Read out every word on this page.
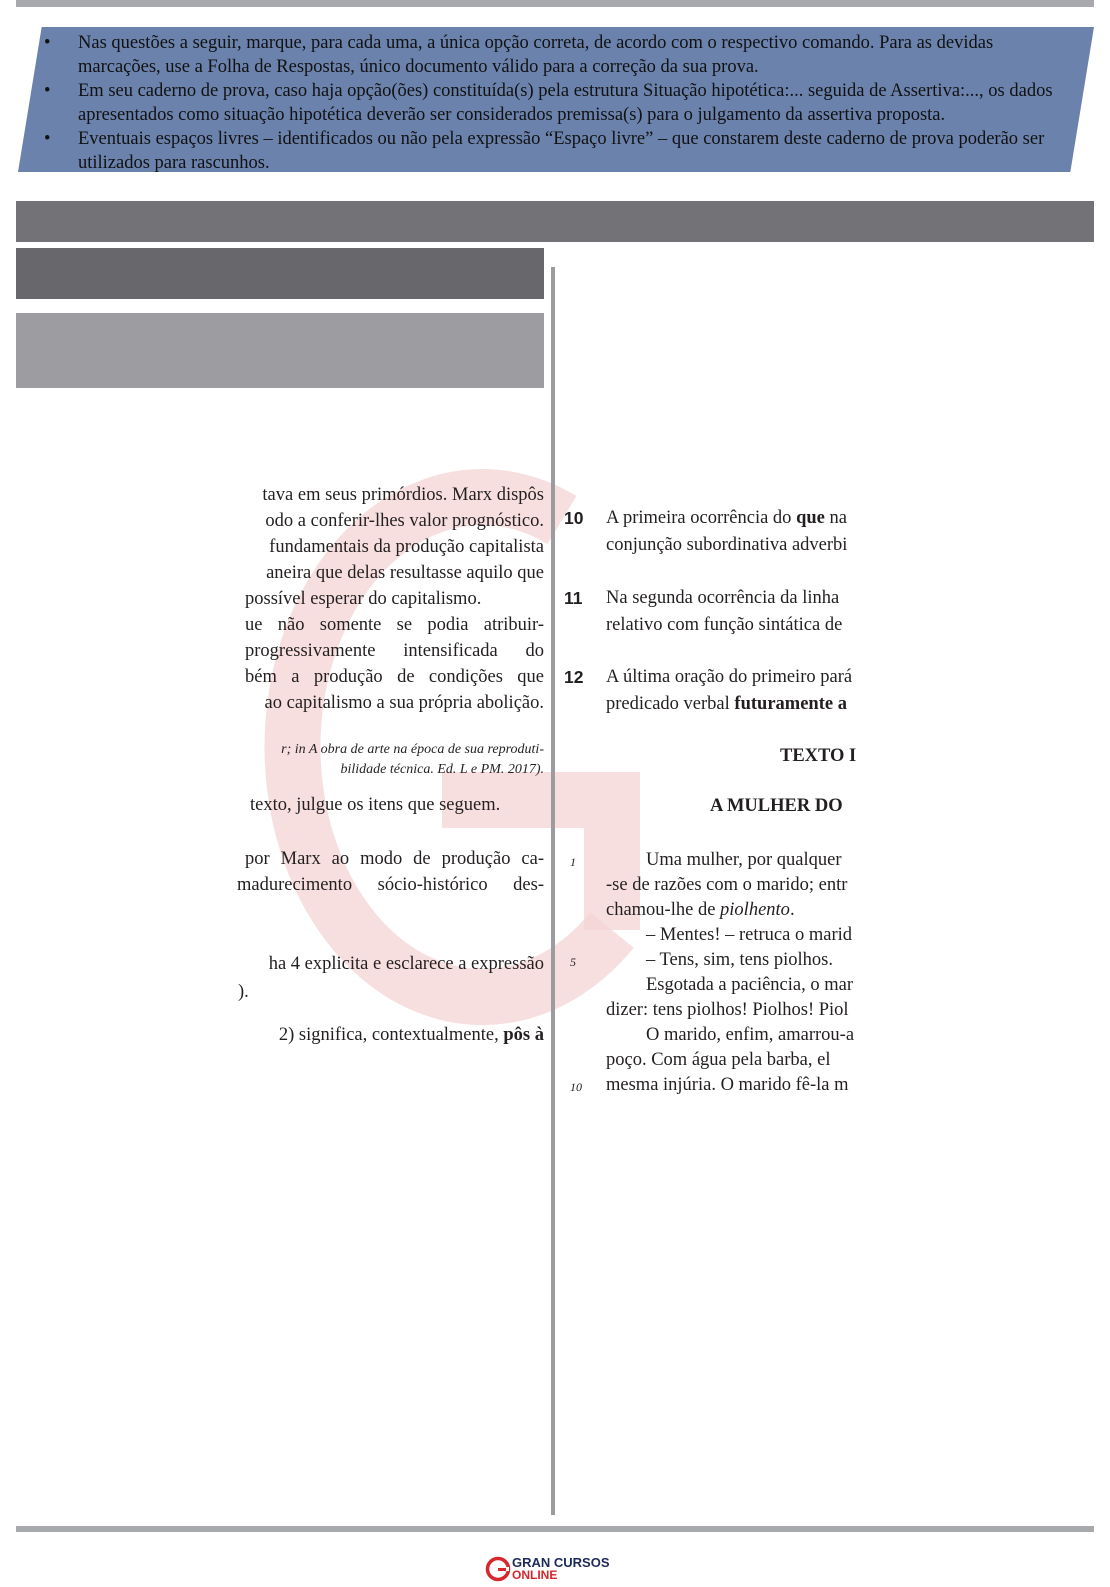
• Nas questões a seguir, marque, para cada uma, a única opção correta, de acordo com o respectivo comando. Para as devidas marcações, use a Folha de Respostas, único documento válido para a correção da sua prova.
• Em seu caderno de prova, caso haja opção(ões) constituída(s) pela estrutura Situação hipotética:... seguida de Assertiva:..., os dados apresentados como situação hipotética deverão ser considerados premissa(s) para o julgamento da assertiva proposta.
• Eventuais espaços livres – identificados ou não pela expressão “Espaço livre” – que constarem deste caderno de prova poderão ser utilizados para rascunhos.
tava em seus primórdios. Marx dispôs
odo a conferir-lhes valor prognóstico.
fundamentais da produção capitalista
aneira que delas resultasse aquilo que
possível esperar do capitalismo.
ue não somente se podia atribuir-
progressivamente intensificada do
bém a produção de condições que
ao capitalismo a sua própria abolição.
r; in A obra de arte na época de sua reproduti-
bilidade técnica. Ed. L e PM. 2017).
texto, julgue os itens que seguem.
por Marx ao modo de produção ca-
madurecimento sócio-histórico des-
ha 4 explicita e esclarece a expressão
).
2) significa, contextualmente, pôs à
10	A primeira ocorrência do que na
conjunção subordinativa adverbi
11	Na segunda ocorrência da linha
relativo com função sintática de
12	A última oração do primeiro pará
predicado verbal futuramente a
TEXTO I
A MULHER DO
1	Uma mulher, por qualquer
-se de razões com o marido; entr
chamou-lhe de piolhento.
– Mentes! – retruca o marid
5	– Tens, sim, tens piolhos.
Esgotada a paciência, o mar
dizer: tens piolhos! Piolhos! Piol
O marido, enfim, amarrou-a
poço. Com água pela barba, el
10 mesma injúria. O marido fê-la m
GRAN CURSOS
ONLINE
